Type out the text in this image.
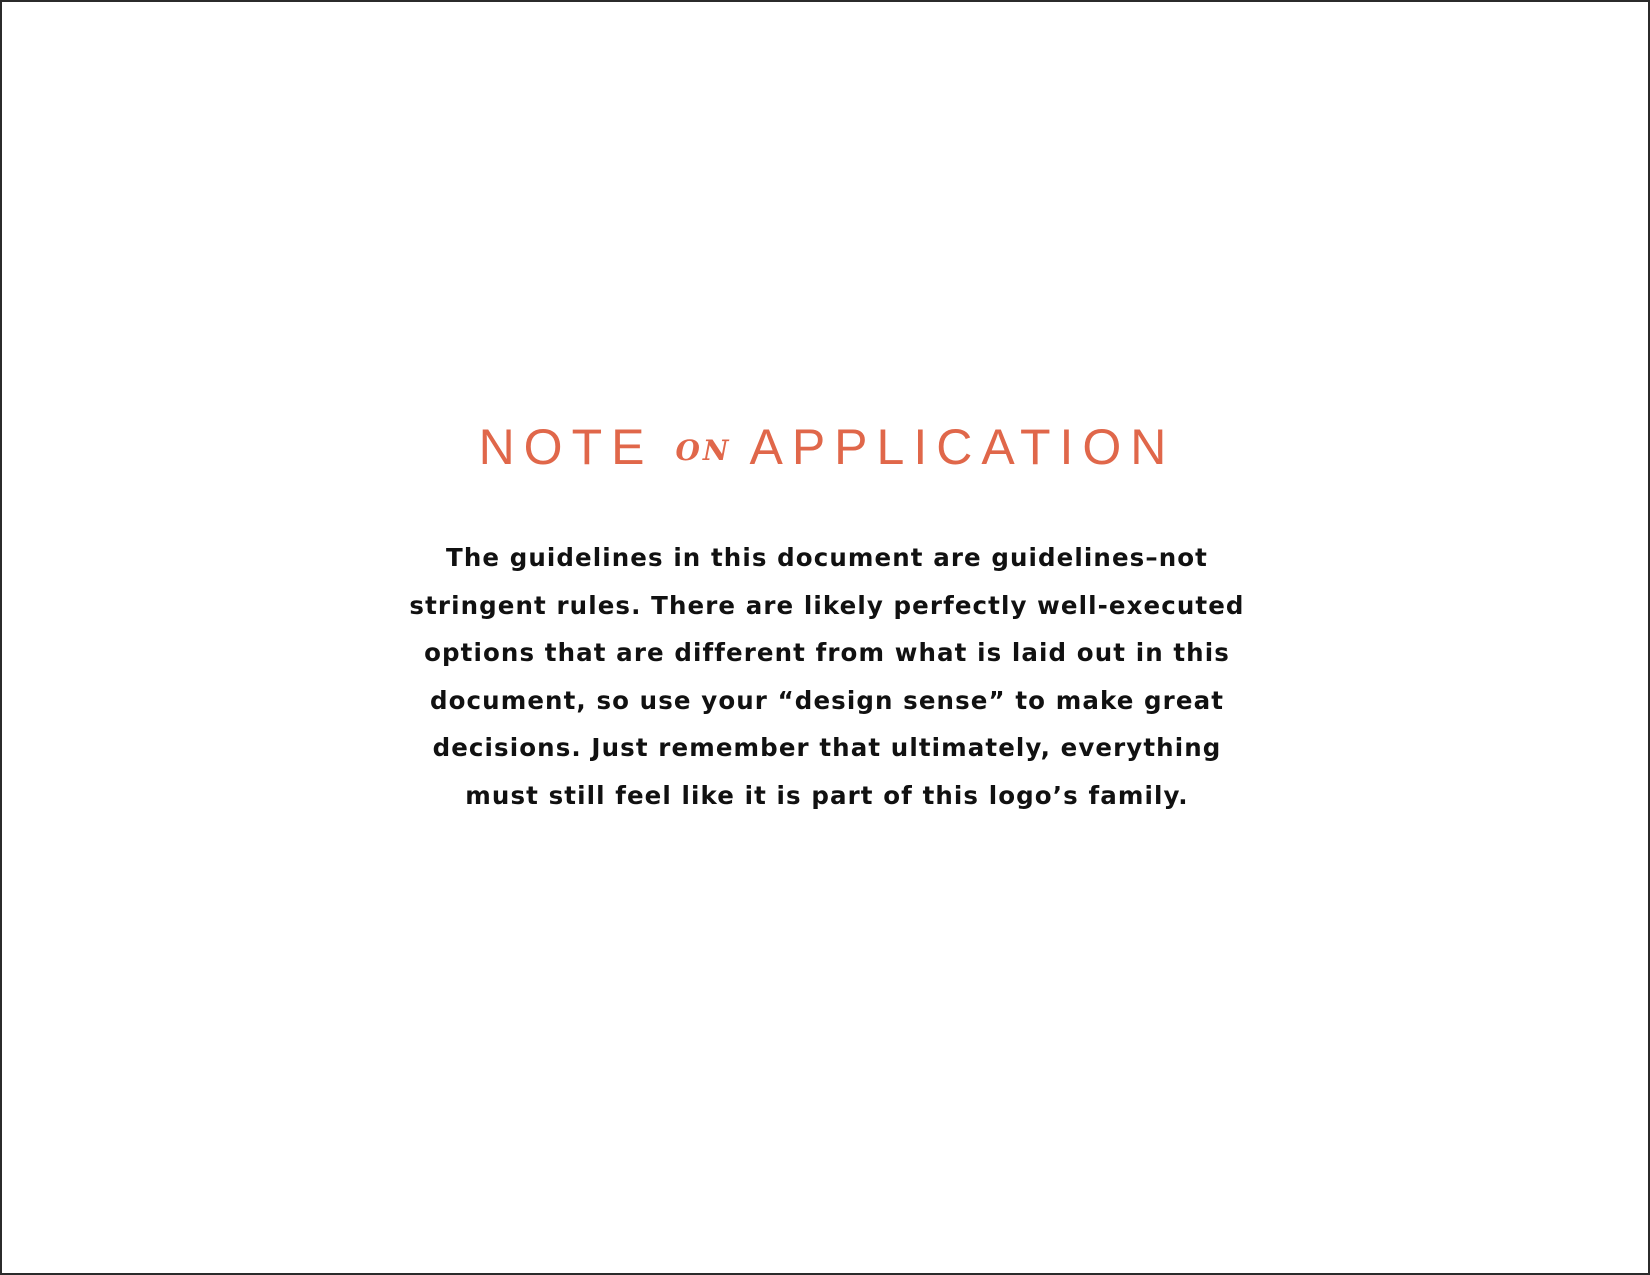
NOTE ON APPLICATION

The guidelines in this document are guidelines–not
stringent rules. There are likely perfectly well-executed
options that are different from what is laid out in this
document, so use your “design sense” to make great
decisions. Just remember that ultimately, everything
must still feel like it is part of this logo’s family.
